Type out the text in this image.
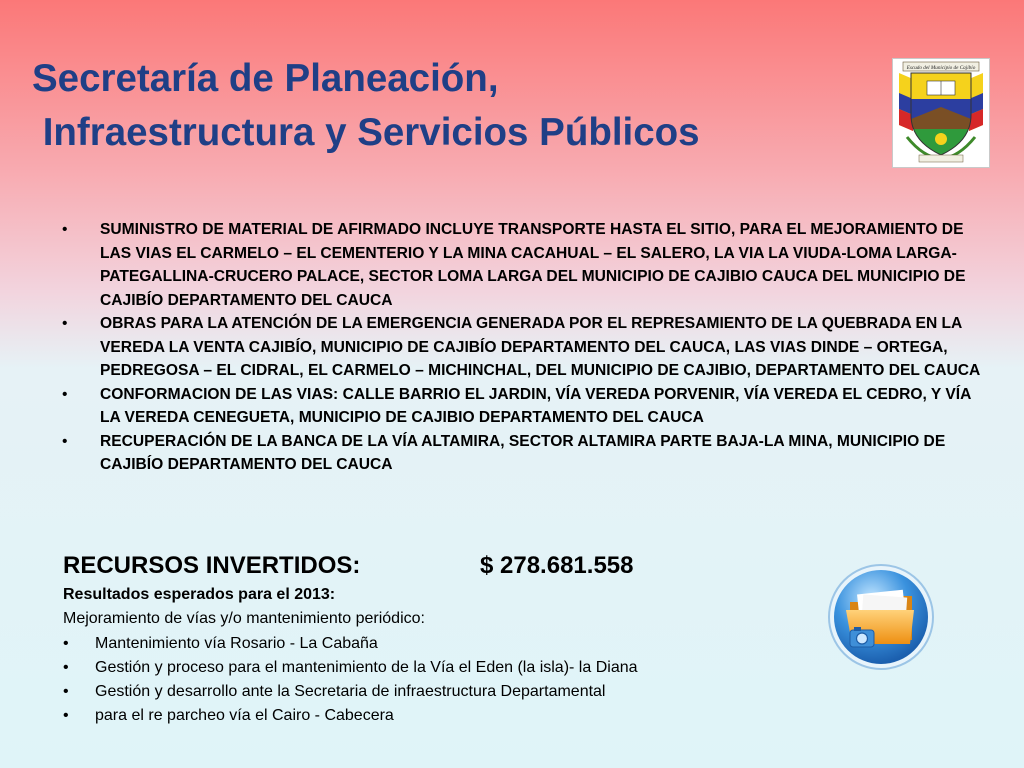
Secretaría de Planeación,
Infraestructura y Servicios Públicos
Escudo del Municipio de Cajibío
• SUMINISTRO DE MATERIAL DE AFIRMADO INCLUYE TRANSPORTE HASTA EL SITIO, PARA EL MEJORAMIENTO DE LAS VIAS EL CARMELO – EL CEMENTERIO Y LA MINA CACAHUAL – EL SALERO, LA VIA LA VIUDA-LOMA LARGA-PATEGALLINA-CRUCERO PALACE, SECTOR LOMA LARGA DEL MUNICIPIO DE CAJIBIO CAUCA DEL MUNICIPIO DE CAJIBÍO DEPARTAMENTO DEL CAUCA
• OBRAS PARA LA ATENCIÓN DE LA EMERGENCIA GENERADA POR EL REPRESAMIENTO DE LA QUEBRADA EN LA VEREDA LA VENTA CAJIBÍO, MUNICIPIO DE CAJIBÍO DEPARTAMENTO DEL CAUCA, LAS VIAS DINDE – ORTEGA, PEDREGOSA – EL CIDRAL, EL CARMELO – MICHINCHAL, DEL MUNICIPIO DE CAJIBIO, DEPARTAMENTO DEL CAUCA
• CONFORMACION DE LAS VIAS: CALLE BARRIO EL JARDIN, VÍA VEREDA PORVENIR, VÍA VEREDA EL CEDRO, Y VÍA LA VEREDA CENEGUETA, MUNICIPIO DE CAJIBIO DEPARTAMENTO DEL CAUCA
• RECUPERACIÓN DE LA BANCA DE LA VÍA ALTAMIRA, SECTOR ALTAMIRA PARTE BAJA-LA MINA, MUNICIPIO DE CAJIBÍO DEPARTAMENTO DEL CAUCA

RECURSOS INVERTIDOS:	$ 278.681.558

Resultados esperados para el 2013:

Mejoramiento de vías y/o mantenimiento periódico:

• Mantenimiento vía Rosario - La Cabaña
• Gestión y proceso para el mantenimiento de la Vía el Eden (la isla)- la Diana
• Gestión y desarrollo ante la Secretaria de infraestructura Departamental
• para el re parcheo vía el Cairo - Cabecera
